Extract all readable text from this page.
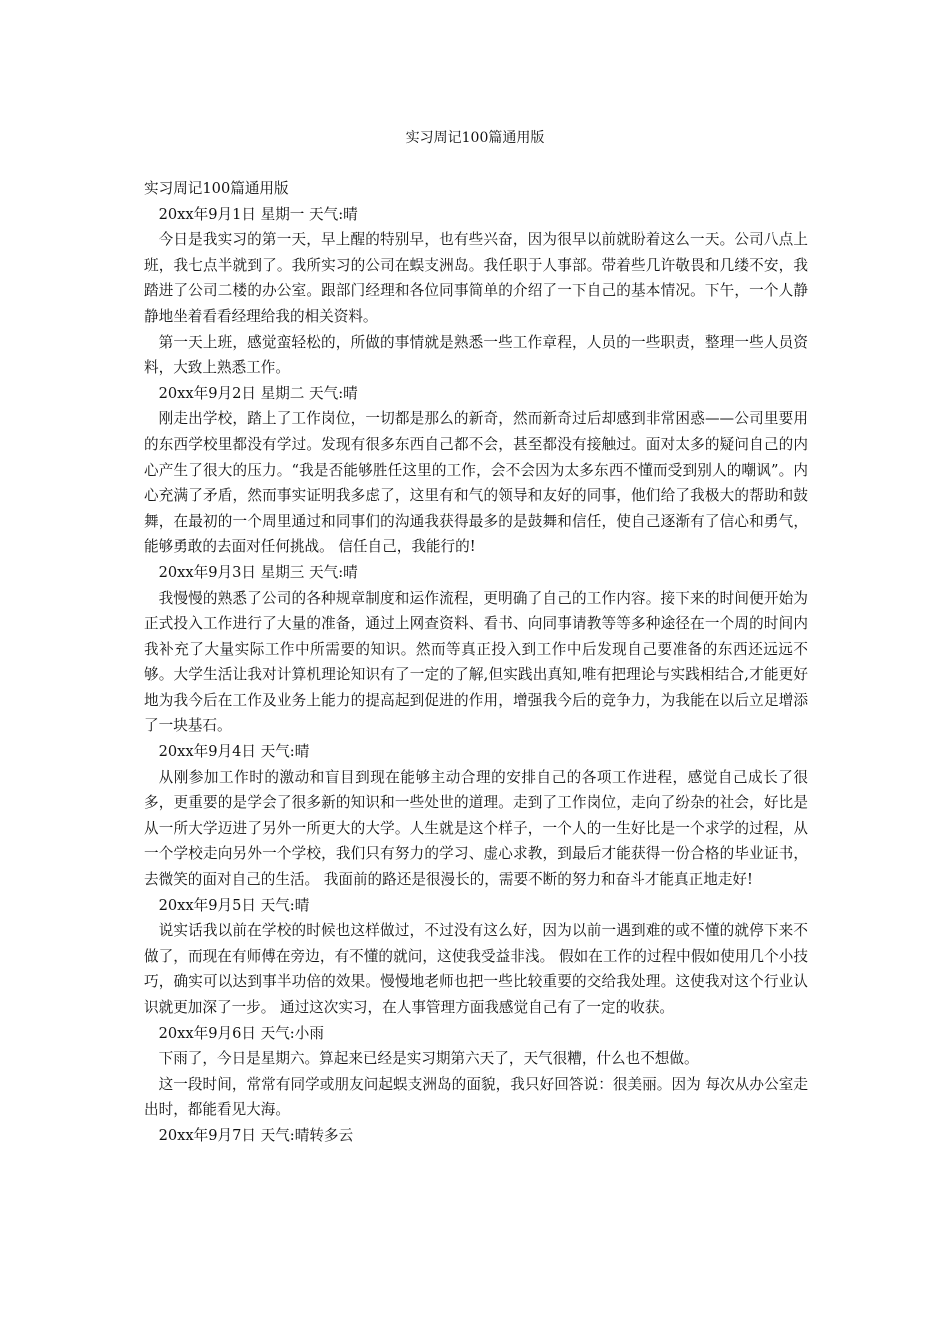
实习周记100篇通用版

实习周记100篇通用版

20xx年9月1日 星期一 天气:晴

今日是我实习的第一天，早上醒的特别早，也有些兴奋，因为很早以前就盼着这么一天。公司八点上班，我七点半就到了。我所实习的公司在蜈支洲岛。我任职于人事部。带着些几许敬畏和几缕不安，我踏进了公司二楼的办公室。跟部门经理和各位同事简单的介绍了一下自己的基本情况。下午，一个人静静地坐着看看经理给我的相关资料。

第一天上班，感觉蛮轻松的，所做的事情就是熟悉一些工作章程，人员的一些职责，整理一些人员资料，大致上熟悉工作。

20xx年9月2日 星期二 天气:晴

刚走出学校，踏上了工作岗位，一切都是那么的新奇，然而新奇过后却感到非常困惑——公司里要用的东西学校里都没有学过。发现有很多东西自己都不会，甚至都没有接触过。面对太多的疑问自己的内心产生了很大的压力。“我是否能够胜任这里的工作，会不会因为太多东西不懂而受到别人的嘲讽”。内心充满了矛盾，然而事实证明我多虑了，这里有和气的领导和友好的同事，他们给了我极大的帮助和鼓舞，在最初的一个周里通过和同事们的沟通我获得最多的是鼓舞和信任，使自己逐渐有了信心和勇气，能够勇敢的去面对任何挑战。 信任自己，我能行的!

20xx年9月3日 星期三 天气:晴

我慢慢的熟悉了公司的各种规章制度和运作流程，更明确了自己的工作内容。接下来的时间便开始为正式投入工作进行了大量的准备，通过上网查资料、看书、向同事请教等等多种途径在一个周的时间内我补充了大量实际工作中所需要的知识。然而等真正投入到工作中后发现自己要准备的东西还远远不够。大学生活让我对计算机理论知识有了一定的了解,但实践出真知,唯有把理论与实践相结合,才能更好地为我今后在工作及业务上能力的提高起到促进的作用，增强我今后的竞争力，为我能在以后立足增添了一块基石。

20xx年9月4日 天气:晴

从刚参加工作时的激动和盲目到现在能够主动合理的安排自己的各项工作进程，感觉自己成长了很多，更重要的是学会了很多新的知识和一些处世的道理。走到了工作岗位，走向了纷杂的社会，好比是从一所大学迈进了另外一所更大的大学。人生就是这个样子，一个人的一生好比是一个求学的过程，从一个学校走向另外一个学校，我们只有努力的学习、虚心求教，到最后才能获得一份合格的毕业证书，去微笑的面对自己的生活。 我面前的路还是很漫长的，需要不断的努力和奋斗才能真正地走好!

20xx年9月5日 天气:晴

说实话我以前在学校的时候也这样做过，不过没有这么好，因为以前一遇到难的或不懂的就停下来不做了，而现在有师傅在旁边，有不懂的就问，这使我受益非浅。 假如在工作的过程中假如使用几个小技巧，确实可以达到事半功倍的效果。慢慢地老师也把一些比较重要的交给我处理。这使我对这个行业认识就更加深了一步。 通过这次实习，在人事管理方面我感觉自己有了一定的收获。

20xx年9月6日 天气:小雨

下雨了，今日是星期六。算起来已经是实习期第六天了，天气很糟，什么也不想做。

这一段时间，常常有同学或朋友问起蜈支洲岛的面貌，我只好回答说：很美丽。因为 每次从办公室走出时，都能看见大海。

20xx年9月7日 天气:晴转多云
